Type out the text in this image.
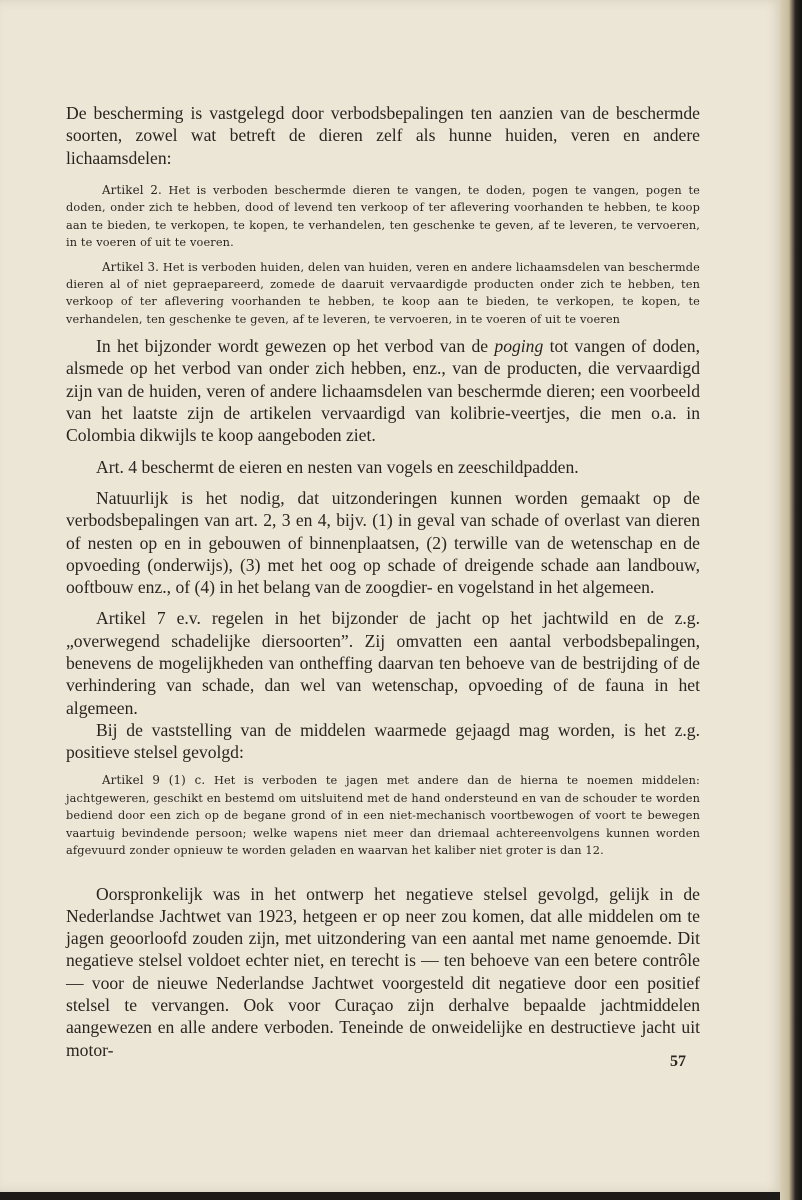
De bescherming is vastgelegd door verbodsbepalingen ten aanzien van de beschermde soorten, zowel wat betreft de dieren zelf als hunne huiden, veren en andere lichaamsdelen:

Artikel 2. Het is verboden beschermde dieren te vangen, te doden, pogen te vangen, pogen te doden, onder zich te hebben, dood of levend ten verkoop of ter aflevering voorhanden te hebben, te koop aan te bieden, te verkopen, te kopen, te verhandelen, ten geschenke te geven, af te leveren, te vervoeren, in te voeren of uit te voeren.

Artikel 3. Het is verboden huiden, delen van huiden, veren en andere lichaamsdelen van beschermde dieren al of niet gepraepareerd, zomede de daaruit vervaardigde producten onder zich te hebben, ten verkoop of ter aflevering voorhanden te hebben, te koop aan te bieden, te verkopen, te kopen, te verhandelen, ten geschenke te geven, af te leveren, te vervoeren, in te voeren of uit te voeren

In het bijzonder wordt gewezen op het verbod van de poging tot vangen of doden, alsmede op het verbod van onder zich hebben, enz., van de producten, die vervaardigd zijn van de huiden, veren of andere lichaamsdelen van beschermde dieren; een voorbeeld van het laatste zijn de artikelen vervaardigd van kolibrie-veertjes, die men o.a. in Colombia dikwijls te koop aangeboden ziet.

Art. 4 beschermt de eieren en nesten van vogels en zeeschildpadden.

Natuurlijk is het nodig, dat uitzonderingen kunnen worden gemaakt op de verbodsbepalingen van art. 2, 3 en 4, bijv. (1) in geval van schade of overlast van dieren of nesten op en in gebouwen of binnenplaatsen, (2) terwille van de wetenschap en de opvoeding (onderwijs), (3) met het oog op schade of dreigende schade aan landbouw, ooftbouw enz., of (4) in het belang van de zoogdier- en vogelstand in het algemeen.

Artikel 7 e.v. regelen in het bijzonder de jacht op het jachtwild en de z.g. „overwegend schadelijke diersoorten”. Zij omvatten een aantal verbodsbepalingen, benevens de mogelijkheden van ontheffing daarvan ten behoeve van de bestrijding of de verhindering van schade, dan wel van wetenschap, opvoeding of de fauna in het algemeen.

Bij de vaststelling van de middelen waarmede gejaagd mag worden, is het z.g. positieve stelsel gevolgd:

Artikel 9 (1) c. Het is verboden te jagen met andere dan de hierna te noemen middelen: jachtgeweren, geschikt en bestemd om uitsluitend met de hand ondersteund en van de schouder te worden bediend door een zich op de begane grond of in een niet-mechanisch voortbewogen of voort te bewegen vaartuig bevindende persoon; welke wapens niet meer dan driemaal achtereenvolgens kunnen worden afgevuurd zonder opnieuw te worden geladen en waarvan het kaliber niet groter is dan 12.

Oorspronkelijk was in het ontwerp het negatieve stelsel gevolgd, gelijk in de Nederlandse Jachtwet van 1923, hetgeen er op neer zou komen, dat alle middelen om te jagen geoorloofd zouden zijn, met uitzondering van een aantal met name genoemde. Dit negatieve stelsel voldoet echter niet, en terecht is — ten behoeve van een betere contrôle — voor de nieuwe Nederlandse Jachtwet voorgesteld dit negatieve door een positief stelsel te vervangen. Ook voor Curaçao zijn derhalve bepaalde jachtmiddelen aangewezen en alle andere verboden. Teneinde de onweidelijke en destructieve jacht uit motor-

57
